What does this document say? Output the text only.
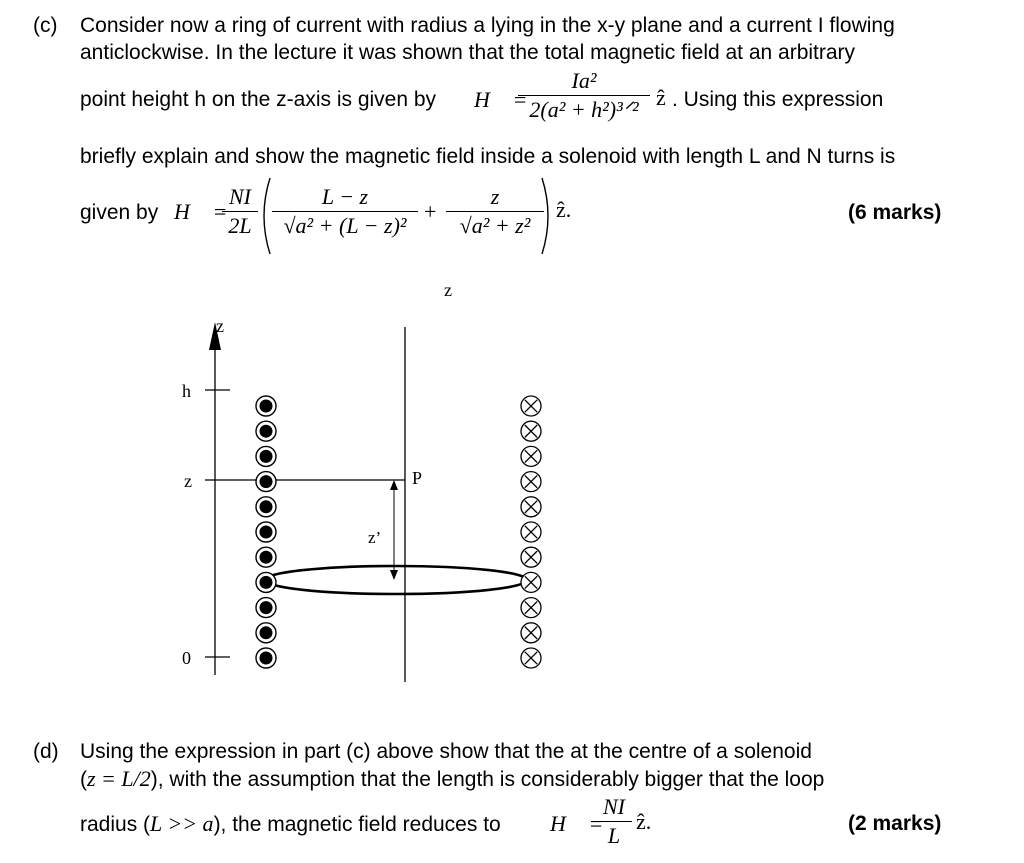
(c) Consider now a ring of current with radius a lying in the x-y plane and a current I flowing
anticlockwise. In the lecture it was shown that the total magnetic field at an arbitrary
point height h on the z-axis is given by H⃗ =
Ia²
2(a² + h²)³ᐟ² ẑ . Using this expression
briefly explain and show the magnetic field inside a solenoid with length L and N turns is
given by H⃗ =
NI
2L
L − z
√a² + (L − z)²
+
z
√a² + z²
ẑ.	(6 marks)
z
h
z
0
z
P
z’
(d) Using the expression in part (c) above show that the at the centre of a solenoid
(z = L/2), with the assumption that the length is considerably bigger that the loop
radius (L >> a), the magnetic field reduces to H⃗ =
NI
L
ẑ.	(2 marks)
